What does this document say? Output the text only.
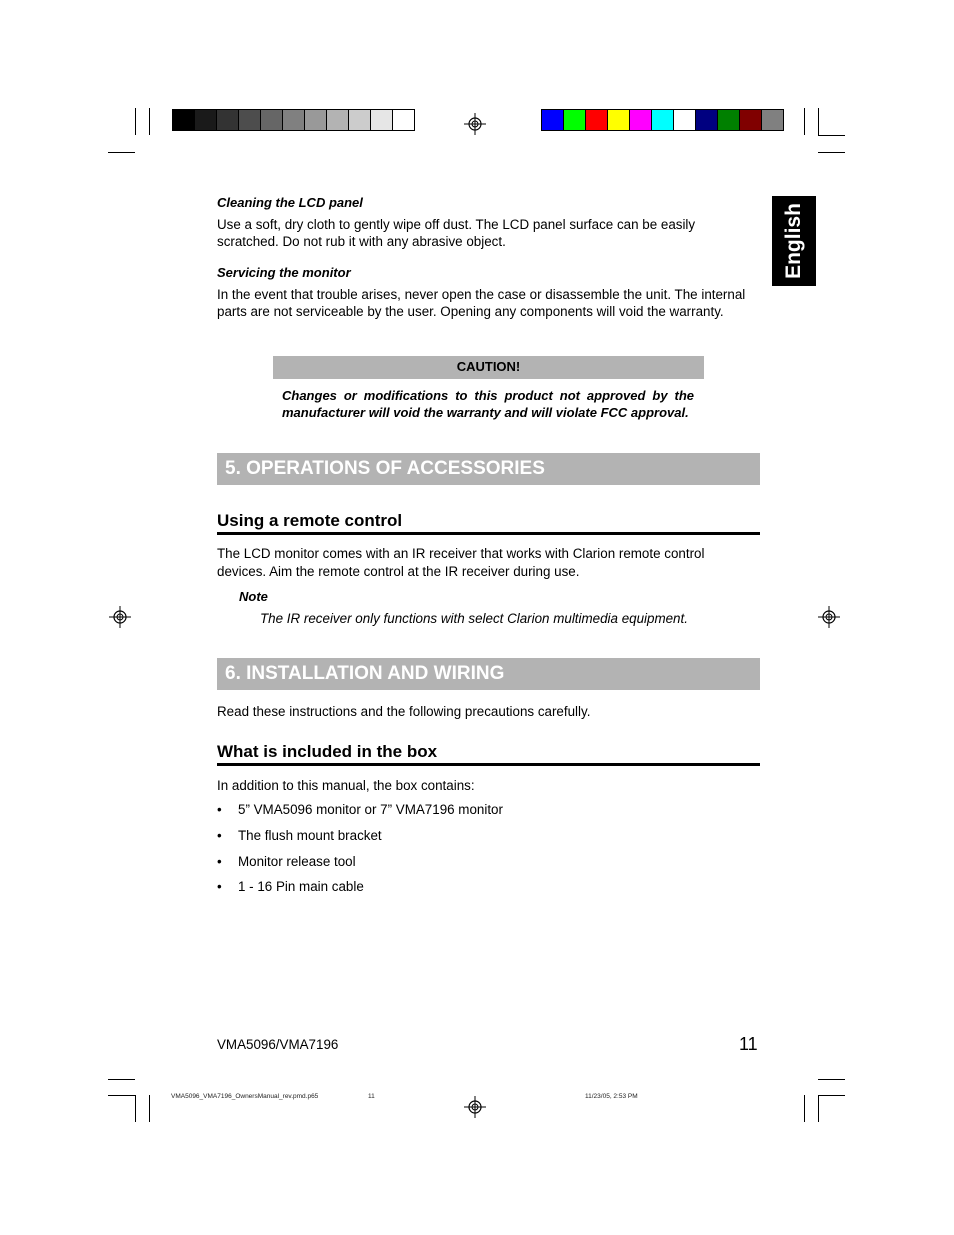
English
Cleaning the LCD panel
Use a soft, dry cloth to gently wipe off dust. The LCD panel surface can be easily scratched. Do not rub it with any abrasive object.
Servicing the monitor
In the event that trouble arises, never open the case or disassemble the unit. The internal parts are not serviceable by the user. Opening any components will void the warranty.
CAUTION!
Changes or modifications to this product not approved by the manufacturer will void the warranty and will violate FCC approval.
5. OPERATIONS OF ACCESSORIES
Using a remote control
The LCD monitor comes with an IR receiver that works with Clarion remote control devices. Aim the remote control at the IR receiver during use.
Note
The IR receiver only functions with select Clarion multimedia equipment.
6. INSTALLATION AND WIRING
Read these instructions and the following precautions carefully.
What is included in the box
In addition to this manual, the box contains:
• 5” VMA5096 monitor or 7” VMA7196 monitor
• The flush mount bracket
• Monitor release tool
• 1 - 16 Pin main cable
VMA5096/VMA7196	11
VMA5096_VMA7196_OwnersManual_rev.pmd.p65	11	11/23/05, 2:53 PM
